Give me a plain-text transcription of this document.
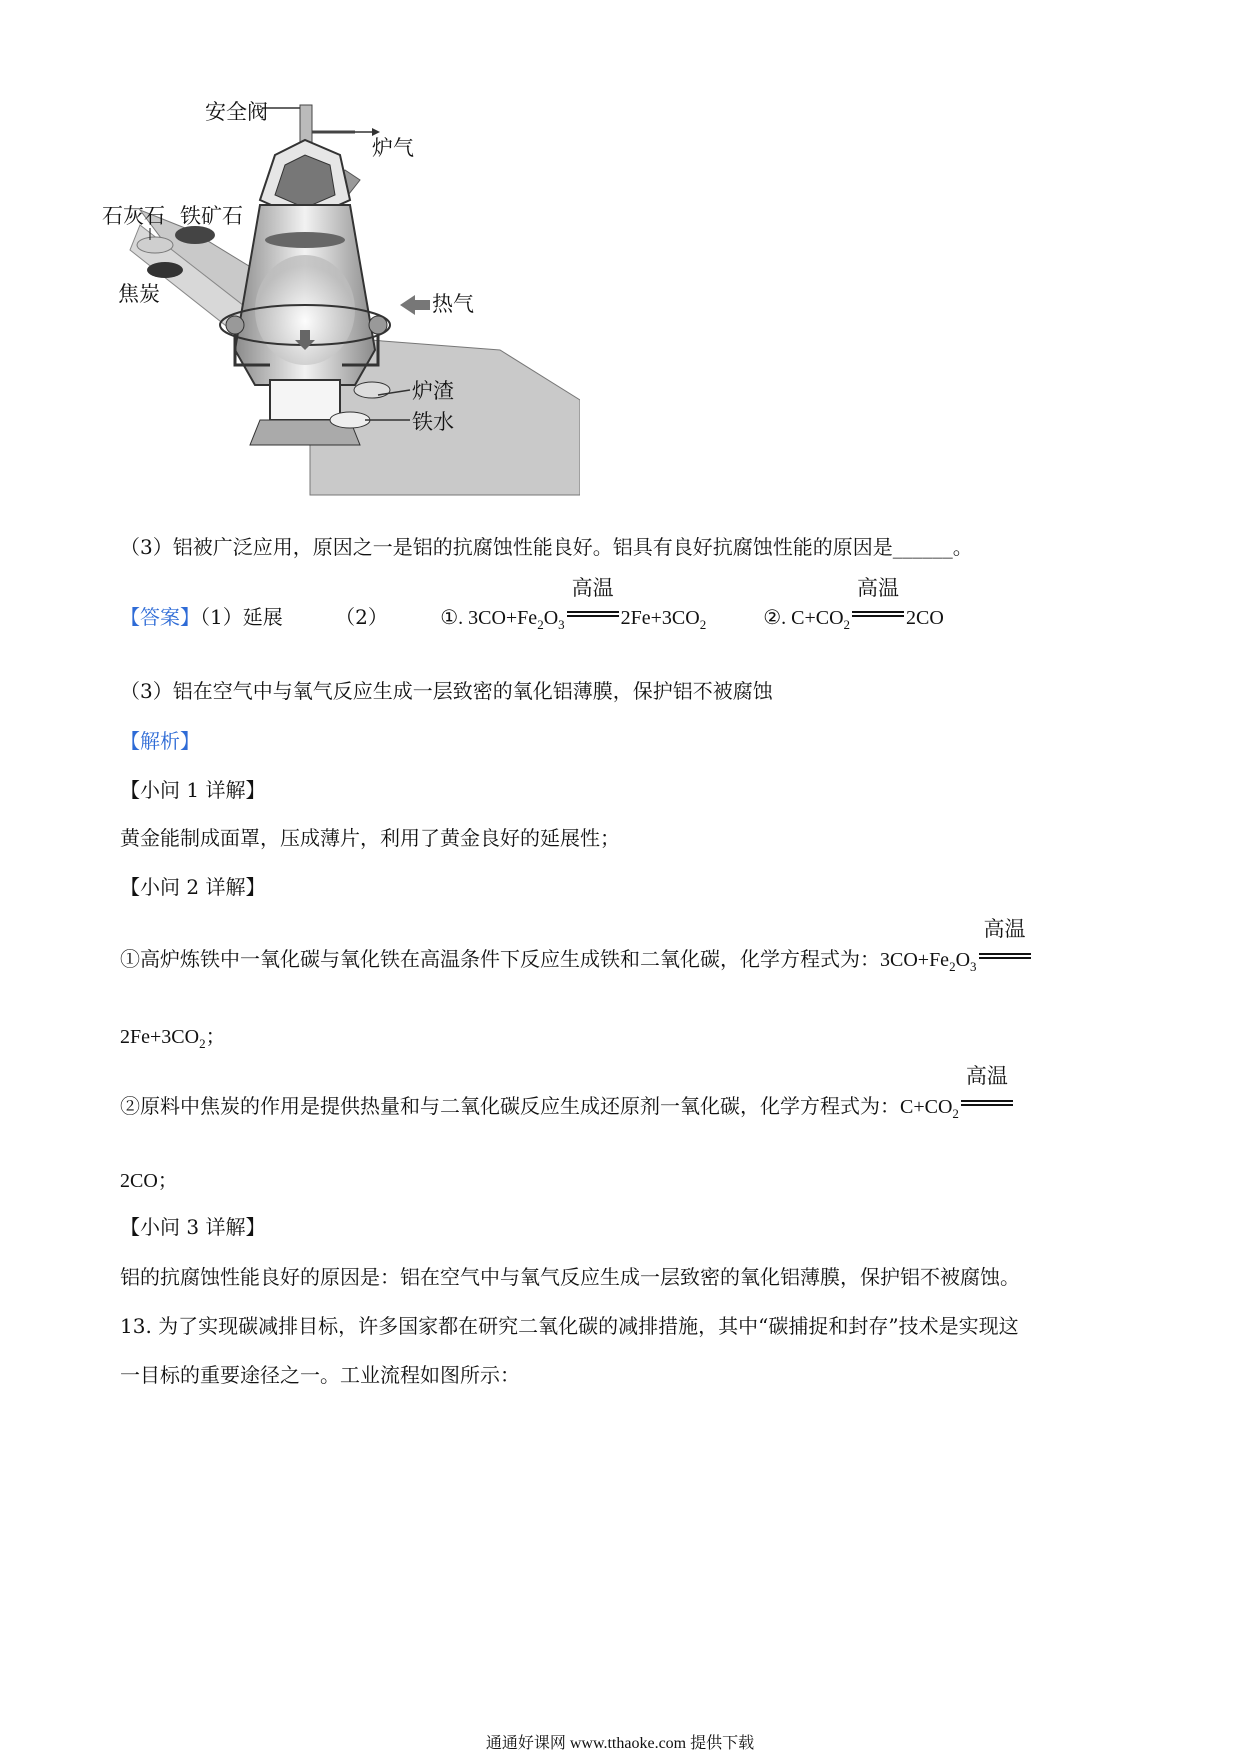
安全阀
炉气
石灰石 铁矿石
焦炭	热气
炉渣
铁水
（3）铝被广泛应用，原因之一是铝的抗腐蚀性能良好。铝具有良好抗腐蚀性能的原因是______。
【答案】（1）延展	（2）	①. $3CO+Fe_2O_3$
高温
$2Fe+3CO_2$	②. $C+CO_2$
高温
2CO
（3）铝在空气中与氧气反应生成一层致密的氧化铝薄膜，保护铝不被腐蚀
【解析】
【小问 1 详解】
黄金能制成面罩，压成薄片，利用了黄金良好的延展性；
【小问 2 详解】
①高炉炼铁中一氧化碳与氧化铁在高温条件下反应生成铁和二氧化碳，化学方程式为：$3CO+Fe_2O_3$
高温
$2Fe+3CO_2$；
②原料中焦炭的作用是提供热量和与二氧化碳反应生成还原剂一氧化碳，化学方程式为：$C+CO_2$
高温
2CO；
【小问 3 详解】
铝的抗腐蚀性能良好的原因是：铝在空气中与氧气反应生成一层致密的氧化铝薄膜，保护铝不被腐蚀。
13. 为了实现碳减排目标，许多国家都在研究二氧化碳的减排措施，其中“碳捕捉和封存”技术是实现这
一目标的重要途径之一。工业流程如图所示：
通通好课网 www.tthaoke.com 提供下载
